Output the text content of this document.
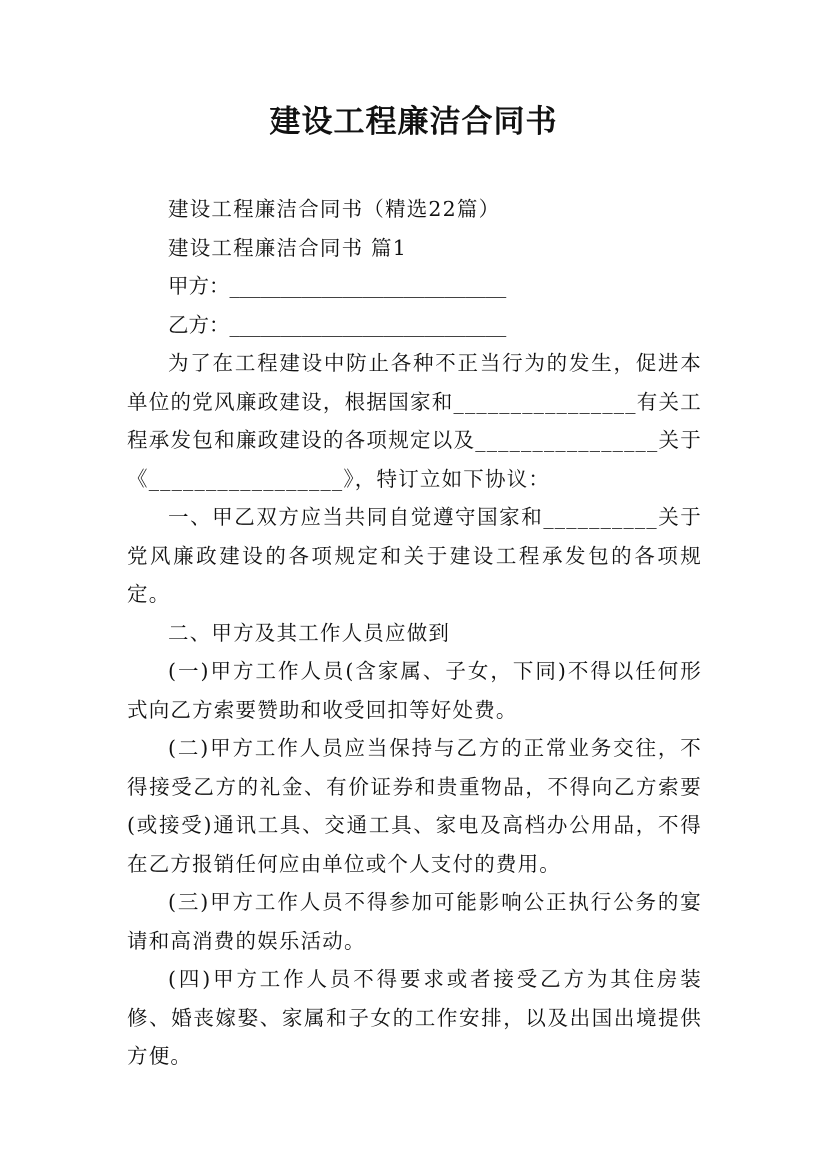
建设工程廉洁合同书

建设工程廉洁合同书（精选22篇）

建设工程廉洁合同书 篇1

甲方：___________________________

乙方：___________________________

为了在工程建设中防止各种不正当行为的发生，促进本单位的党风廉政建设，根据国家和________________有关工程承发包和廉政建设的各项规定以及________________关于《_________________》，特订立如下协议：

一、甲乙双方应当共同自觉遵守国家和__________关于党风廉政建设的各项规定和关于建设工程承发包的各项规定。

二、甲方及其工作人员应做到

(一)甲方工作人员(含家属、子女，下同)不得以任何形式向乙方索要赞助和收受回扣等好处费。

(二)甲方工作人员应当保持与乙方的正常业务交往，不得接受乙方的礼金、有价证券和贵重物品，不得向乙方索要(或接受)通讯工具、交通工具、家电及高档办公用品，不得在乙方报销任何应由单位或个人支付的费用。

(三)甲方工作人员不得参加可能影响公正执行公务的宴请和高消费的娱乐活动。

(四)甲方工作人员不得要求或者接受乙方为其住房装修、婚丧嫁娶、家属和子女的工作安排，以及出国出境提供方便。
